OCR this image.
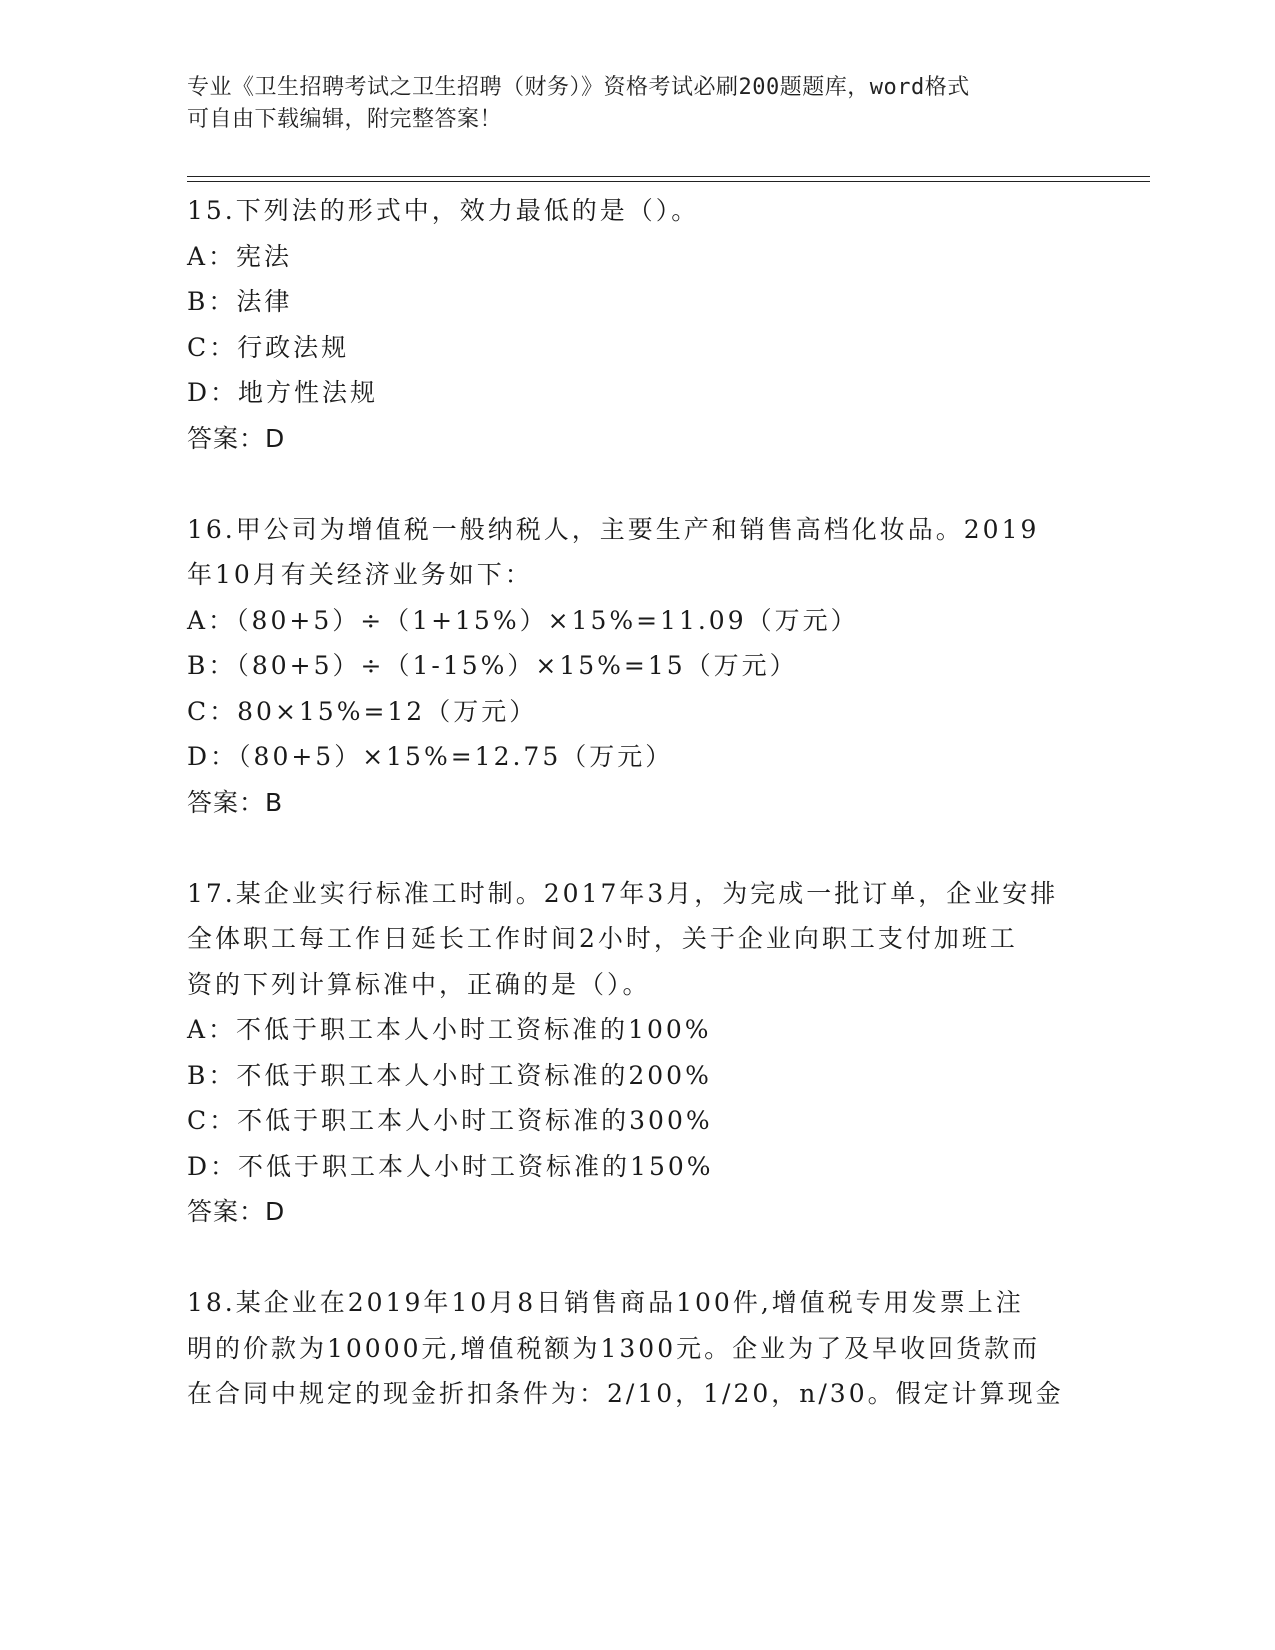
专业《卫生招聘考试之卫生招聘（财务）》资格考试必刷200题题库，word格式
可自由下载编辑，附完整答案！
15.下列法的形式中，效力最低的是（）。
A：宪法
B：法律
C：行政法规
D：地方性法规
答案：D
16.甲公司为增值税一般纳税人，主要生产和销售高档化妆品。2019
年10月有关经济业务如下：
A：（80+5）÷（1+15%）×15%=11.09（万元）
B：（80+5）÷（1-15%）×15%=15（万元）
C：80×15%=12（万元）
D：（80+5）×15%=12.75（万元）
答案：B
17.某企业实行标准工时制。2017年3月，为完成一批订单，企业安排
全体职工每工作日延长工作时间2小时，关于企业向职工支付加班工
资的下列计算标准中，正确的是（）。
A：不低于职工本人小时工资标准的100%
B：不低于职工本人小时工资标准的200%
C：不低于职工本人小时工资标准的300%
D：不低于职工本人小时工资标准的150%
答案：D
18.某企业在2019年10月8日销售商品100件,增值税专用发票上注
明的价款为10000元,增值税额为1300元。企业为了及早收回货款而
在合同中规定的现金折扣条件为：2/10，1/20，n/30。假定计算现金
